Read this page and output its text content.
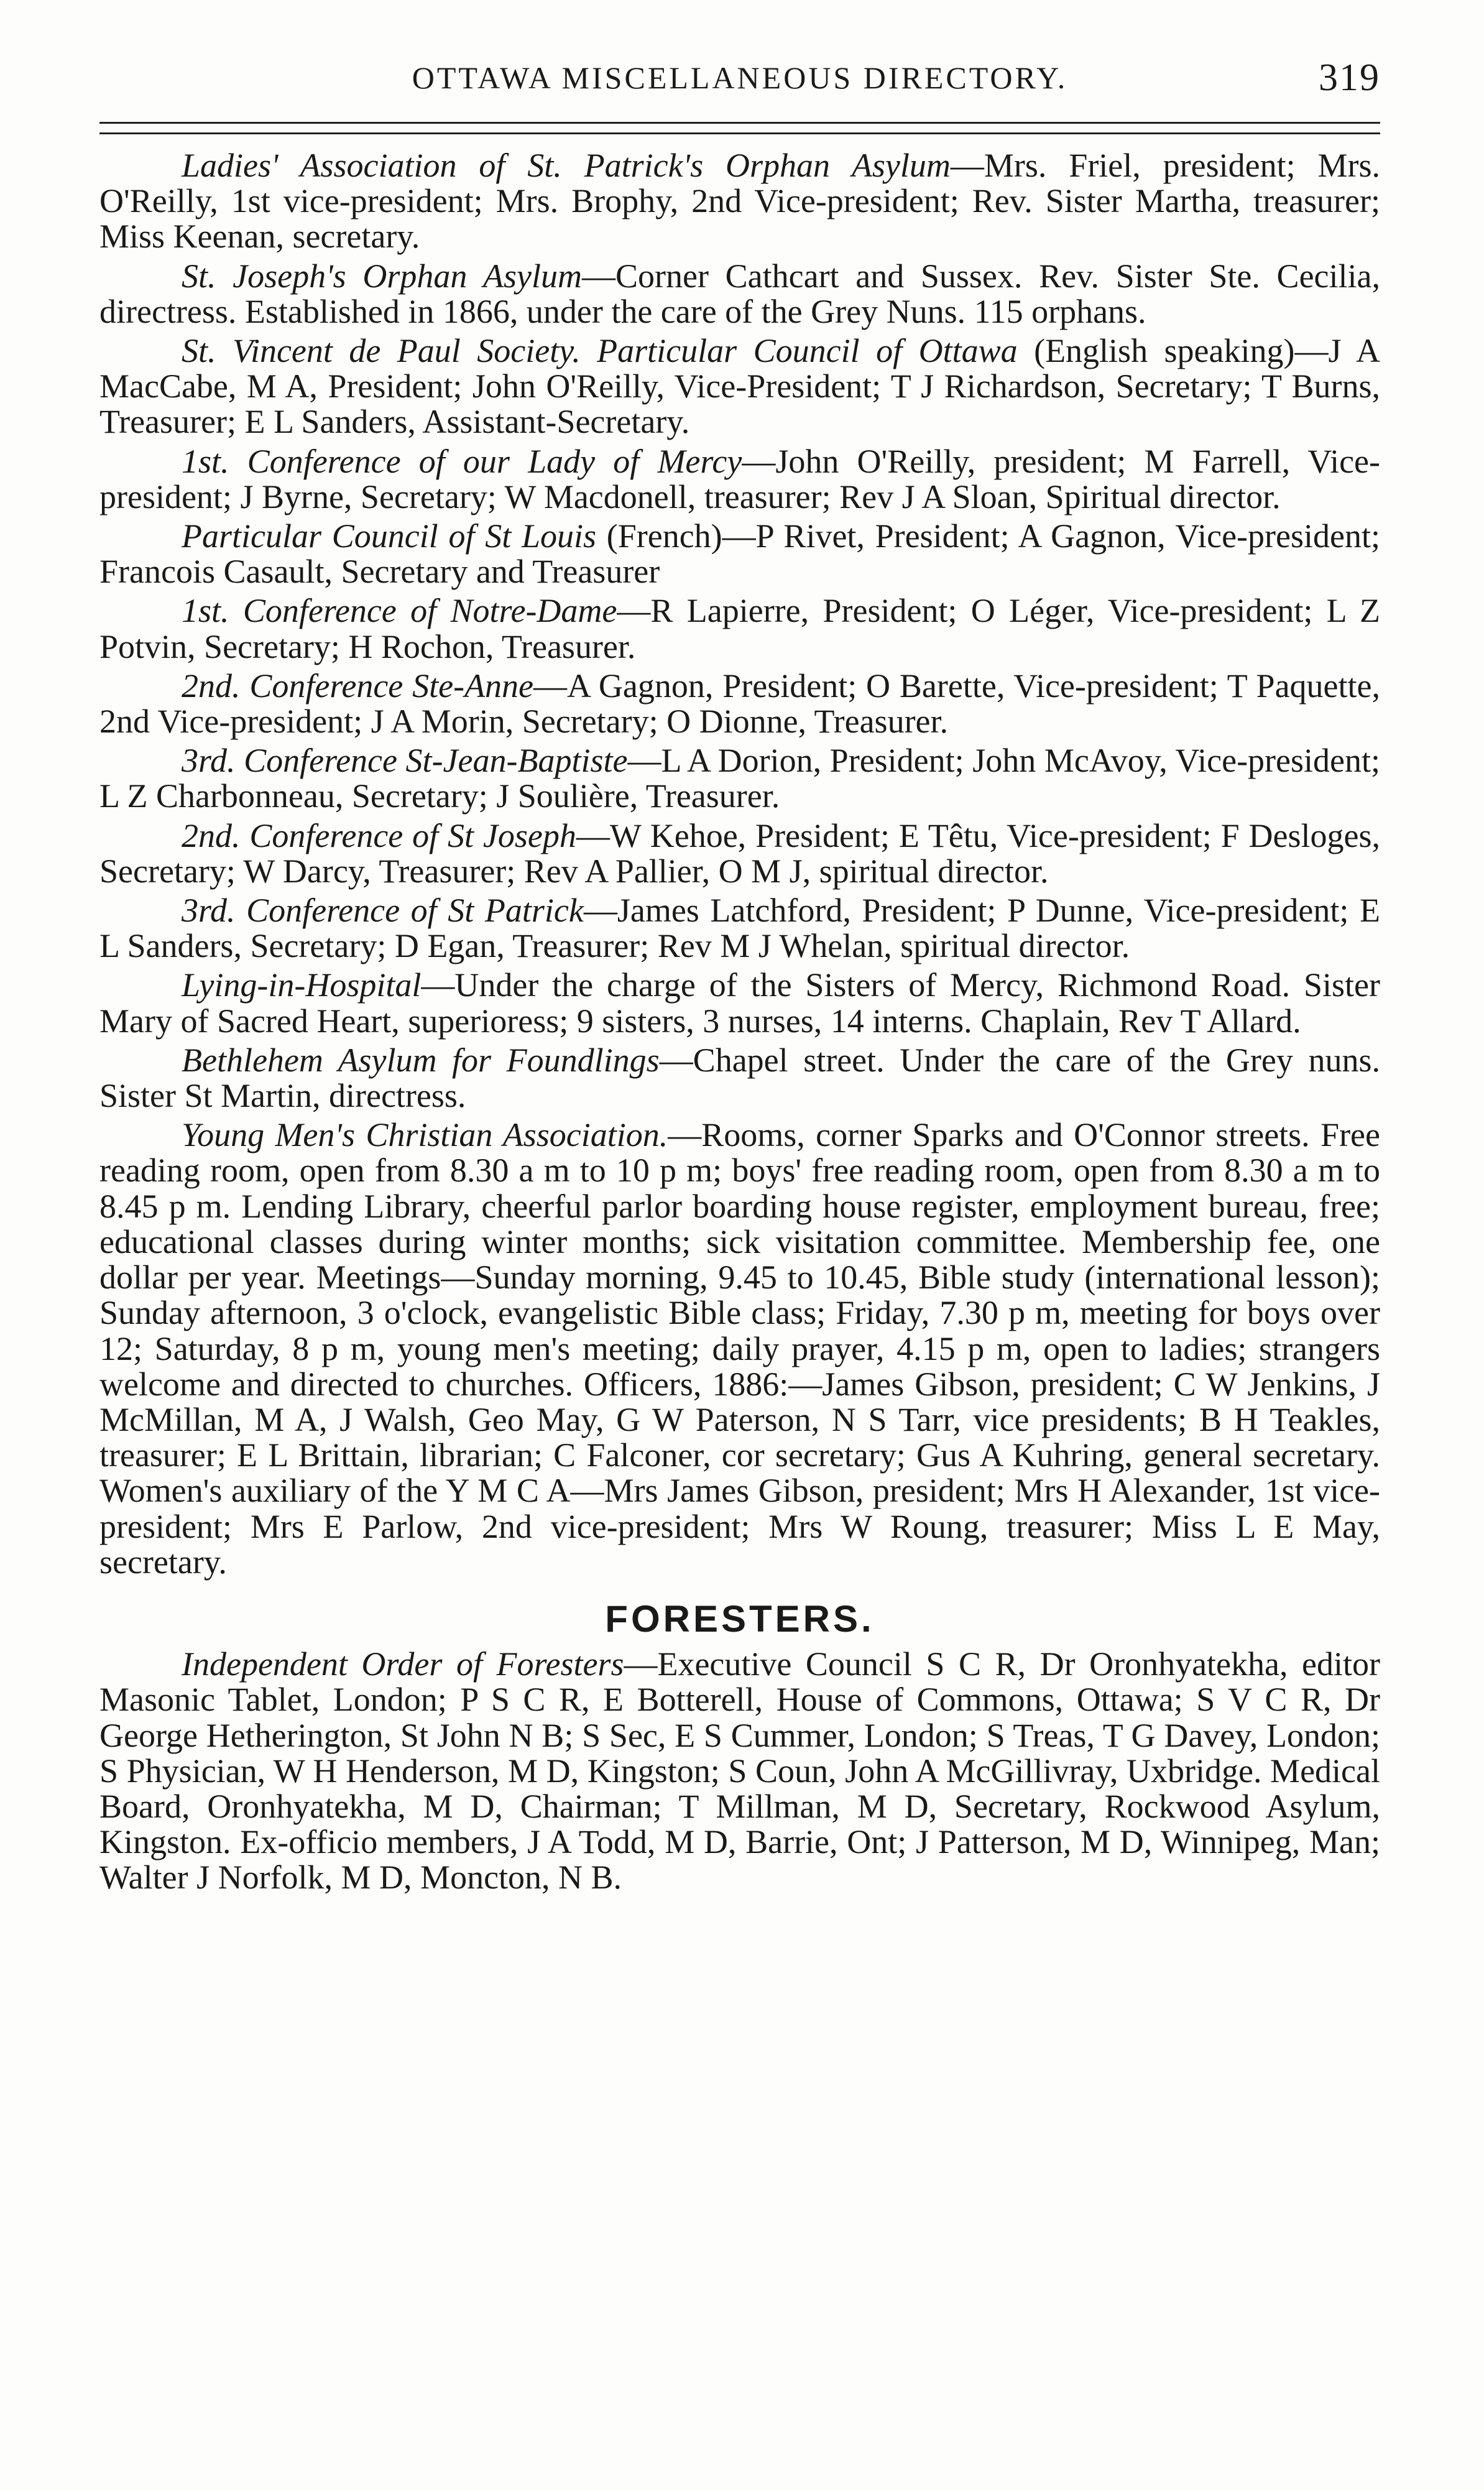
OTTAWA MISCELLANEOUS DIRECTORY.	319

Ladies' Association of St. Patrick's Orphan Asylum—Mrs. Friel, president; Mrs. O'Reilly, 1st vice-president; Mrs. Brophy, 2nd Vice-president; Rev. Sister Martha, treasurer; Miss Keenan, secretary.

St. Joseph's Orphan Asylum—Corner Cathcart and Sussex. Rev. Sister Ste. Cecilia, directress. Established in 1866, under the care of the Grey Nuns. 115 orphans.

St. Vincent de Paul Society. Particular Council of Ottawa (English speaking)—J A MacCabe, M A, President; John O'Reilly, Vice-President; T J Richardson, Secretary; T Burns, Treasurer; E L Sanders, Assistant-Secretary.

1st. Conference of our Lady of Mercy—John O'Reilly, president; M Farrell, Vice-president; J Byrne, Secretary; W Macdonell, treasurer; Rev J A Sloan, Spiritual director.

Particular Council of St Louis (French)—P Rivet, President; A Gagnon, Vice-president; Francois Casault, Secretary and Treasurer

1st. Conference of Notre-Dame—R Lapierre, President; O Léger, Vice-president; L Z Potvin, Secretary; H Rochon, Treasurer.

2nd. Conference Ste-Anne—A Gagnon, President; O Barette, Vice-president; T Paquette, 2nd Vice-president; J A Morin, Secretary; O Dionne, Treasurer.

3rd. Conference St-Jean-Baptiste—L A Dorion, President; John McAvoy, Vice-president; L Z Charbonneau, Secretary; J Soulière, Treasurer.

2nd. Conference of St Joseph—W Kehoe, President; E Têtu, Vice-president; F Desloges, Secretary; W Darcy, Treasurer; Rev A Pallier, O M J, spiritual director.

3rd. Conference of St Patrick—James Latchford, President; P Dunne, Vice-president; E L Sanders, Secretary; D Egan, Treasurer; Rev M J Whelan, spiritual director.

Lying-in-Hospital—Under the charge of the Sisters of Mercy, Richmond Road. Sister Mary of Sacred Heart, superioress; 9 sisters, 3 nurses, 14 interns. Chaplain, Rev T Allard.

Bethlehem Asylum for Foundlings—Chapel street. Under the care of the Grey nuns. Sister St Martin, directress.

Young Men's Christian Association.—Rooms, corner Sparks and O'Connor streets. Free reading room, open from 8.30 a m to 10 p m; boys' free reading room, open from 8.30 a m to 8.45 p m. Lending Library, cheerful parlor boarding house register, employment bureau, free; educational classes during winter months; sick visitation committee. Membership fee, one dollar per year. Meetings—Sunday morning, 9.45 to 10.45, Bible study (international lesson); Sunday afternoon, 3 o'clock, evangelistic Bible class; Friday, 7.30 p m, meeting for boys over 12; Saturday, 8 p m, young men's meeting; daily prayer, 4.15 p m, open to ladies; strangers welcome and directed to churches. Officers, 1886:—James Gibson, president; C W Jenkins, J McMillan, M A, J Walsh, Geo May, G W Paterson, N S Tarr, vice presidents; B H Teakles, treasurer; E L Brittain, librarian; C Falconer, cor secretary; Gus A Kuhring, general secretary. Women's auxiliary of the Y M C A—Mrs James Gibson, president; Mrs H Alexander, 1st vice-president; Mrs E Parlow, 2nd vice-president; Mrs W Roung, treasurer; Miss L E May, secretary.

FORESTERS.

Independent Order of Foresters—Executive Council S C R, Dr Oronhyatekha, editor Masonic Tablet, London; P S C R, E Botterell, House of Commons, Ottawa; S V C R, Dr George Hetherington, St John N B; S Sec, E S Cummer, London; S Treas, T G Davey, London; S Physician, W H Henderson, M D, Kingston; S Coun, John A McGillivray, Uxbridge. Medical Board, Oronhyatekha, M D, Chairman; T Millman, M D, Secretary, Rockwood Asylum, Kingston. Ex-officio members, J A Todd, M D, Barrie, Ont; J Patterson, M D, Winnipeg, Man; Walter J Norfolk, M D, Moncton, N B.
